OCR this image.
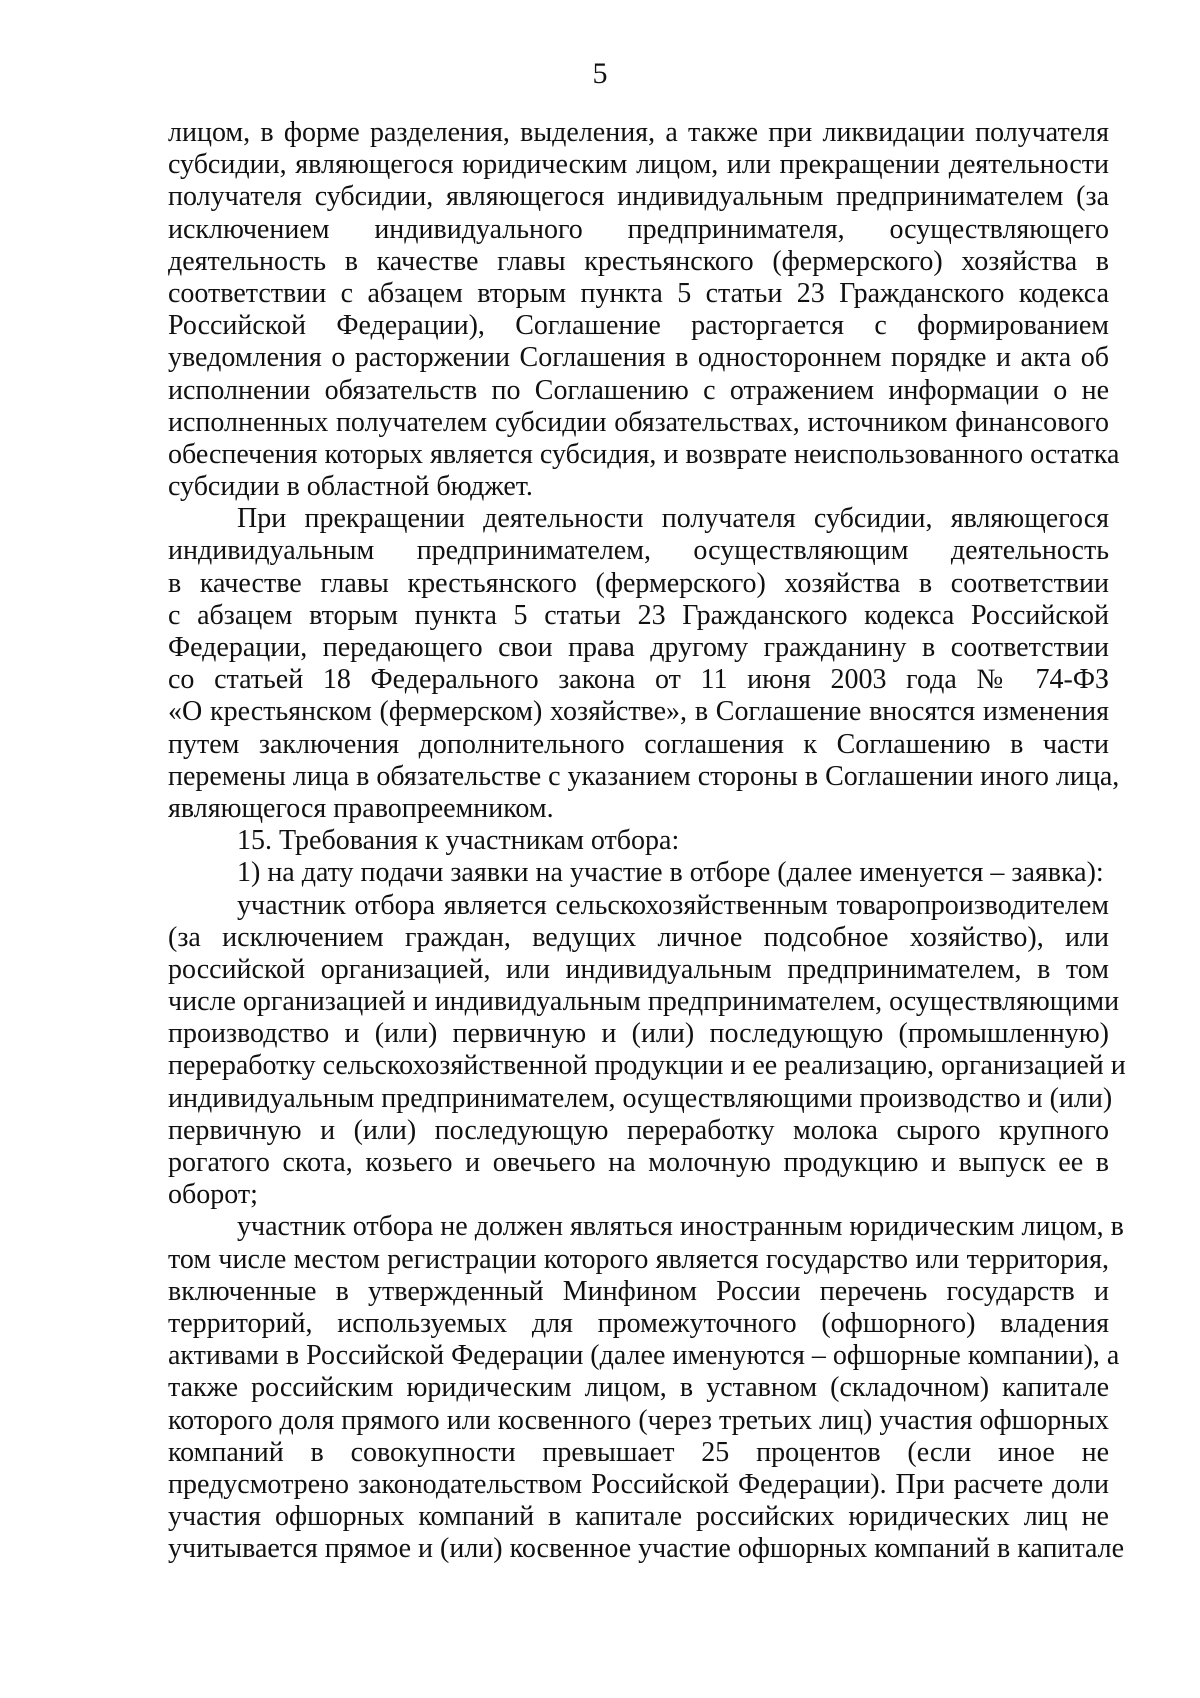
5
лицом, в форме разделения, выделения, а также при ликвидации получателя
субсидии, являющегося юридическим лицом, или прекращении деятельности
получателя субсидии, являющегося индивидуальным предпринимателем (за
исключением индивидуального предпринимателя, осуществляющего
деятельность в качестве главы крестьянского (фермерского) хозяйства в
соответствии с абзацем вторым пункта 5 статьи 23 Гражданского кодекса
Российской Федерации), Соглашение расторгается с формированием
уведомления о расторжении Соглашения в одностороннем порядке и акта об
исполнении обязательств по Соглашению с отражением информации о не
исполненных получателем субсидии обязательствах, источником финансового
обеспечения которых является субсидия, и возврате неиспользованного остатка
субсидии в областной бюджет.
При прекращении деятельности получателя субсидии, являющегося
индивидуальным предпринимателем, осуществляющим деятельность
в качестве главы крестьянского (фермерского) хозяйства в соответствии
с абзацем вторым пункта 5 статьи 23 Гражданского кодекса Российской
Федерации, передающего свои права другому гражданину в соответствии
со статьей 18 Федерального закона от 11 июня 2003 года № 74-ФЗ
«О крестьянском (фермерском) хозяйстве», в Соглашение вносятся изменения
путем заключения дополнительного соглашения к Соглашению в части
перемены лица в обязательстве с указанием стороны в Соглашении иного лица,
являющегося правопреемником.
15. Требования к участникам отбора:
1) на дату подачи заявки на участие в отборе (далее именуется – заявка):
участник отбора является сельскохозяйственным товаропроизводителем
(за исключением граждан, ведущих личное подсобное хозяйство), или
российской организацией, или индивидуальным предпринимателем, в том
числе организацией и индивидуальным предпринимателем, осуществляющими
производство и (или) первичную и (или) последующую (промышленную)
переработку сельскохозяйственной продукции и ее реализацию, организацией и
индивидуальным предпринимателем, осуществляющими производство и (или)
первичную и (или) последующую переработку молока сырого крупного
рогатого скота, козьего и овечьего на молочную продукцию и выпуск ее в
оборот;
участник отбора не должен являться иностранным юридическим лицом, в
том числе местом регистрации которого является государство или территория,
включенные в утвержденный Минфином России перечень государств и
территорий, используемых для промежуточного (офшорного) владения
активами в Российской Федерации (далее именуются – офшорные компании), а
также российским юридическим лицом, в уставном (складочном) капитале
которого доля прямого или косвенного (через третьих лиц) участия офшорных
компаний в совокупности превышает 25 процентов (если иное не
предусмотрено законодательством Российской Федерации). При расчете доли
участия офшорных компаний в капитале российских юридических лиц не
учитывается прямое и (или) косвенное участие офшорных компаний в капитале
